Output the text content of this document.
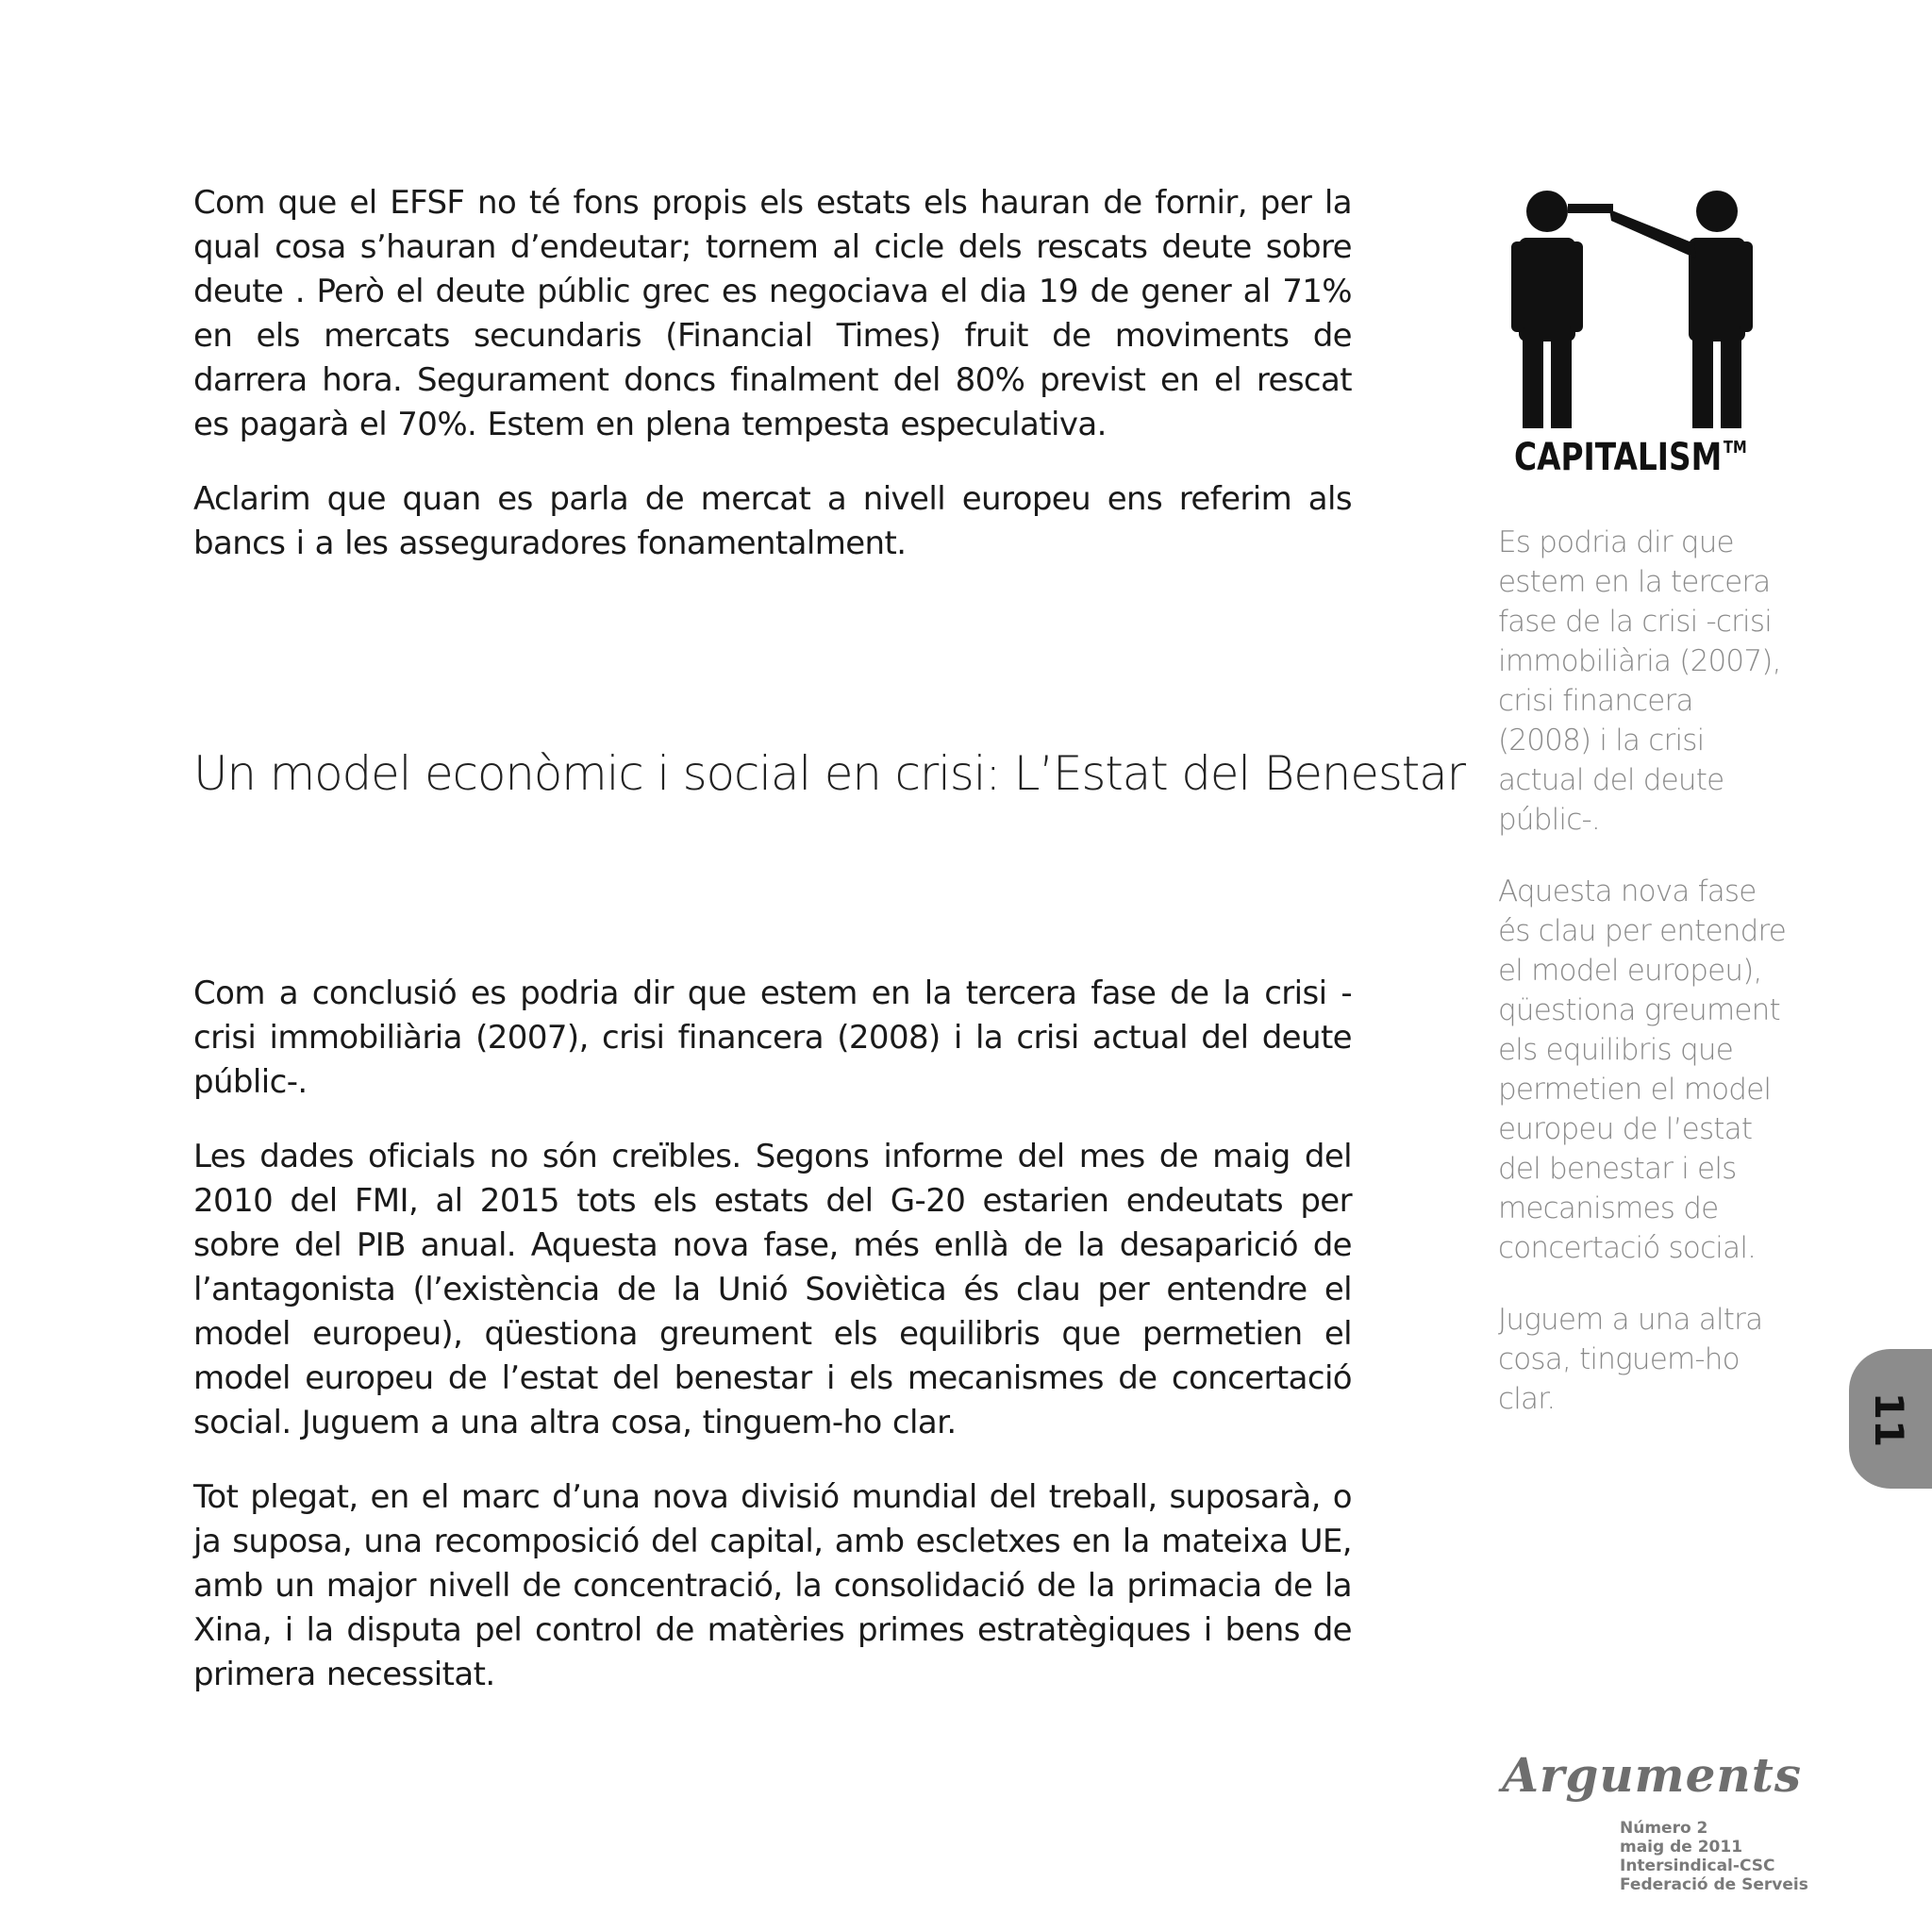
Com que el EFSF no té fons propis els estats els hauran de fornir, per la qual cosa s’hauran d’endeutar; tornem al cicle dels rescats deute sobre deute . Però el deute públic grec es negociava el dia 19 de gener al 71% en els mercats secundaris (Financial Times) fruit de moviments de darrera hora. Segurament doncs finalment del 80% previst en el rescat es pagarà el 70%. Estem en plena tempesta especulativa.

Aclarim que quan es parla de mercat a nivell europeu ens referim als bancs i a les asseguradores fonamentalment.

Un model econòmic i social en crisi: L’Estat del Benestar

Com a conclusió es podria dir que estem en la tercera fase de la crisi -crisi immobiliària (2007), crisi financera (2008) i la crisi actual del deute públic-.

Les dades oficials no són creïbles. Segons informe del mes de maig del 2010 del FMI, al 2015 tots els estats del G-20 estarien endeutats per sobre del PIB anual. Aquesta nova fase, més enllà de la desaparició de l’antagonista (l’existència de la Unió Soviètica és clau per entendre el model europeu), qüestiona greument els equilibris que permetien el model europeu de l’estat del benestar i els mecanismes de concertació social. Juguem a una altra cosa, tinguem-ho clar.

Tot plegat, en el marc d’una nova divisió mundial del treball, suposarà, o ja suposa, una recomposició del capital, amb escletxes en la mateixa UE, amb un major nivell de concentració, la consolidació de la primacia de la Xina, i la disputa pel control de matèries primes estratègiques i bens de primera necessitat.

CAPITALISM™

Es podria dir que estem en la tercera fase de la crisi -crisi immobiliària (2007), crisi financera (2008) i la crisi actual del deute públic-.

Aquesta nova fase és clau per entendre el model europeu), qüestiona greument els equilibris que permetien el model europeu de l’estat del benestar i els mecanismes de concertació social.

Juguem a una altra cosa, tinguem-ho clar.	11
Arguments
Número 2
maig de 2011
Intersindical-CSC
Federació de Serveis
